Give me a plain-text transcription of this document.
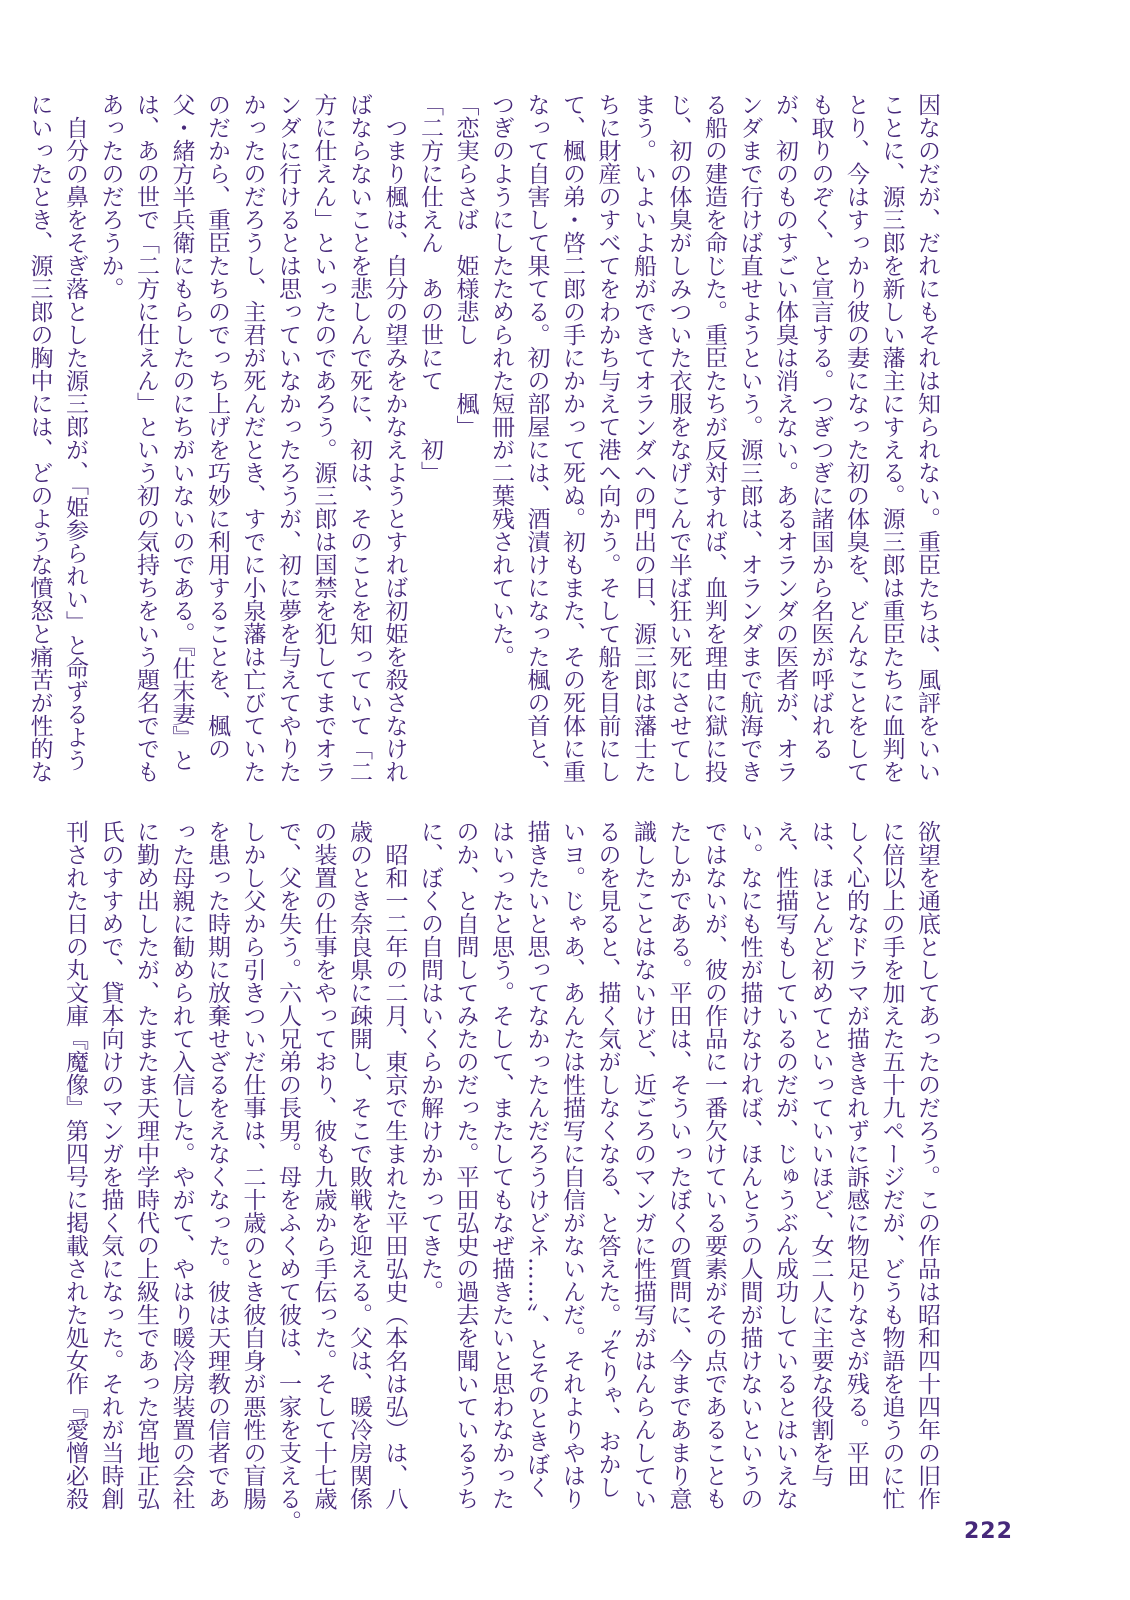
因なのだが、だれにもそれは知られない。重臣たちは、風評をいい

ことに、源三郎を新しい藩主にすえる。源三郎は重臣たちに血判を

とり、今はすっかり彼の妻になった初の体臭を、どんなことをして

も取りのぞく、と宣言する。つぎつぎに諸国から名医が呼ばれる

が、初のものすごい体臭は消えない。あるオランダの医者が、オラ

ンダまで行けば直せようという。源三郎は、オランダまで航海でき

る船の建造を命じた。重臣たちが反対すれば、血判を理由に獄に投

じ、初の体臭がしみついた衣服をなげこんで半ば狂い死にさせてし

まう。いよいよ船ができてオランダへの門出の日、源三郎は藩士た

ちに財産のすべてをわかち与えて港へ向かう。そして船を目前にし

て、楓の弟・啓二郎の手にかかって死ぬ。初もまた、その死体に重

なって自害して果てる。初の部屋には、酒漬けになった楓の首と、

つぎのようにしたためられた短冊が二葉残されていた。

「恋実らさば　姫様悲し　　楓」

「二方に仕えん　あの世にて　　初」

　つまり楓は、自分の望みをかなえようとすれば初姫を殺さなけれ

ばならないことを悲しんで死に、初は、そのことを知っていて「二

方に仕えん」といったのであろう。源三郎は国禁を犯してまでオラ

ンダに行けるとは思っていなかったろうが、初に夢を与えてやりた

かったのだろうし、主君が死んだとき、すでに小泉藩は亡びていた

のだから、重臣たちのでっち上げを巧妙に利用することを、楓の

父・緒方半兵衛にもらしたのにちがいないのである。『仕末妻』と

は、あの世で「二方に仕えん」という初の気持ちをいう題名ででも

あったのだろうか。

　自分の鼻をそぎ落とした源三郎が、「姫参られい」と命ずるよう

にいったとき、源三郎の胸中には、どのような憤怒と痛苦が性的な

欲望を通底としてあったのだろう。この作品は昭和四十四年の旧作

に倍以上の手を加えた五十九ページだが、どうも物語を追うのに忙

しく心的なドラマが描ききれずに訴感に物足りなさが残る。平田

は、ほとんど初めてといっていいほど、女二人に主要な役割を与

え、性描写もしているのだが、じゅうぶん成功しているとはいえな

い。なにも性が描けなければ、ほんとうの人間が描けないというの

ではないが、彼の作品に一番欠けている要素がその点であることも

たしかである。平田は、そういったぼくの質問に、今まであまり意

識したことはないけど、近ごろのマンガに性描写がはんらんしてい

るのを見ると、描く気がしなくなる、と答えた。〝そりゃ、おかし

いヨ。じゃあ、あんたは性描写に自信がないんだ。それよりやはり

描きたいと思ってなかったんだろうけどネ……〟、とそのときぼく

はいったと思う。そして、またしてもなぜ描きたいと思わなかった

のか、と自問してみたのだった。平田弘史の過去を聞いているうち

に、ぼくの自問はいくらか解けかかってきた。

　昭和一二年の二月、東京で生まれた平田弘史（本名は弘）は、八

歳のとき奈良県に疎開し、そこで敗戦を迎える。父は、暖冷房関係

の装置の仕事をやっており、彼も九歳から手伝った。そして十七歳

で、父を失う。六人兄弟の長男。母をふくめて彼は、一家を支える。

しかし父から引きついだ仕事は、二十歳のとき彼自身が悪性の盲腸

を患った時期に放棄せざるをえなくなった。彼は天理教の信者であ

った母親に勧められて入信した。やがて、やはり暖冷房装置の会社

に勤め出したが、たまたま天理中学時代の上級生であった宮地正弘

氏のすすめで、貸本向けのマンガを描く気になった。それが当時創

刊された日の丸文庫『魔像』第四号に掲載された処女作『愛憎必殺

222
